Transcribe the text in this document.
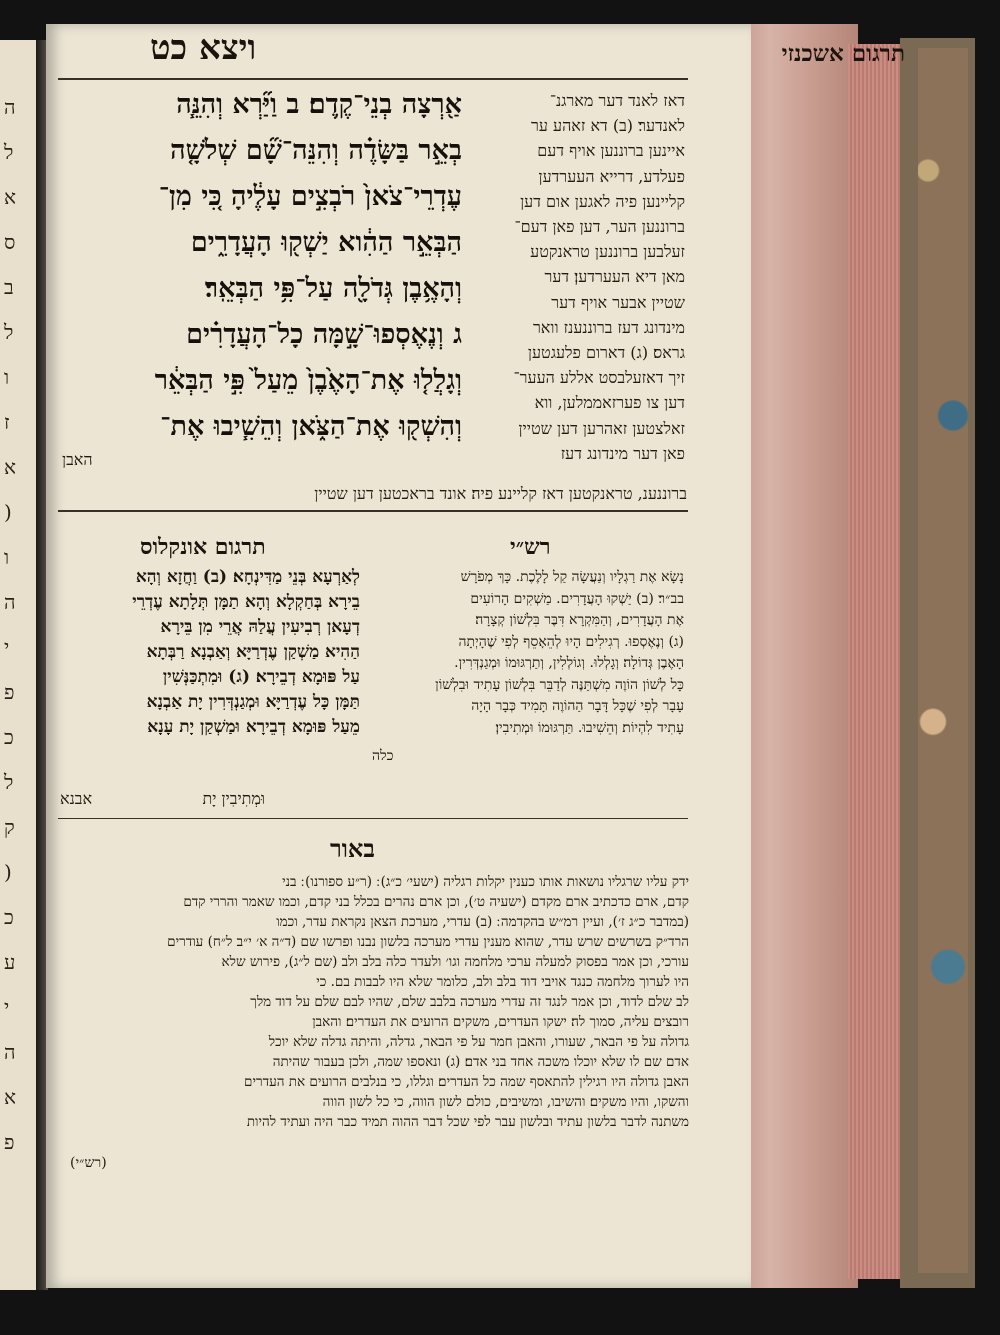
ה
ל
א
ס
ב
ל
ו
ז
א
(
ו
ה
י
פ
כ
ל
ק
(
כ
ע
י
ה
א
פ
תרגום אשכנזי
ויצא כט
דאז לאנד דער מארגנ־
לאנדער׃ (ב) דא זאהע ער
איינען ברוננען אויף דעם
פעלדע, דרייא העערדען
קליינען פיה לאגען אום דען
ברוננען הער, דען פאן דעם־
זעלבען ברוננען טראנקטע
מאן דיא העערדען׃ דער
שטיין אבער אויף דער
מינדונג דעז ברוננענז וואר
גראס׃ (ג) דארום פלעגטען
זיך דאזעלבסט אללע העער־
דען צו פערזאממלען, ווא
זאלצטען זאהרען דען שטיין
פאן דער מינדונג דעז
ברוננענ, טראנקטען דאז קליינע פיה׃ אונד בראכטען דען שטיין
אַ֖רְצָה בְנֵי־קֶֽדֶם׃ ב וַיַּ֞רְא וְהִנֵּ֧ה
בְאֵ֣ר בַּשָּׂדֶ֗ה וְהִנֵּה־שָׁ֞ם שְׁלֹשָׁ֤ה
עֶדְרֵי־צֹאן֙ רֹבְצִ֣ים עָלֶ֔יהָ כִּ֚י מִן־
הַבְּאֵ֣ר הַהִ֔וא יַשְׁק֖וּ הָעֲדָרִ֑ים
וְהָאֶ֥בֶן גְּדֹלָ֖ה עַל־פִּ֥י הַבְּאֵֽר׃
ג וְנֶאֶסְפוּ־שָׁ֣מָּה כָל־הָעֲדָרִ֗ים
וְגָלֲל֤וּ אֶת־הָאֶ֙בֶן֙ מֵעַל֙ פִּ֣י הַבְּאֵ֔ר
וְהִשְׁק֖וּ אֶת־הַצֹּ֑אן וְהֵשִׁ֧יבוּ אֶת־
האבן
רש״י
נָשָׂא אֶת רַגְלָיו וְנַעֲשָׂה קַל לָלֶכֶת. כָּךְ מְפֹרָשׁ
בב״ר׃ (ב) יַשְׁקוּ הָעֲדָרִים. מַשְׁקִים הָרוֹעִים
אֶת הָעֲדָרִים, וְהַמִּקְרָא דִּבֶּר בִּלְשׁוֹן קְצָרָה׃
(ג) וְנֶאֶסְפוּ. רְגִילִים הָיוּ לְהֵאָסֵף לְפִי שֶׁהָיְתָה
הָאֶבֶן גְּדוֹלָה׃ וְגָלְלוּ. וְגוֹלְלִין, וְתַרְגּוּמוֹ וּמְגַנְדְּרִין.
כָּל לְשׁוֹן הוֹוֶה מִשְׁתַּנֶּה לְדַבֵּר בִּלְשׁוֹן עָתִיד וּבִלְשׁוֹן
עָבָר לְפִי שֶׁכָּל דָּבָר הַהוֹוֶה תָּמִיד כְּבָר הָיָה
עָתִיד לִהְיוֹת׃ וְהֵשִׁיבוּ. תַּרְגּוּמוֹ וּמְתִיבִין׃
כלה
תרגום אונקלוס
לְאַרְעָא בְּנֵי מַדִּינְחָא׃ (ב) וַחֲזָא וְהָא
בֵירָא בְּחַקְלָא וְהָא תַמָּן תְּלָתָא עֶדְרֵי
דְעָאן רְבִיעִין עֲלַהּ אֲרֵי מִן בֵּירָא
הַהִיא מַשְׁקַן עֶדְרַיָּא וְאַבְנָא רַבְּתָא
עַל פּוּמָא דְבֵירָא׃ (ג) וּמִתְכַּנְּשִׁין
תַּמָּן כָּל עֶדְרַיָּא וּמְגַנְדְּרִין יָת אַבְנָא
מֵעַל פּוּמָא דְבֵירָא וּמַשְׁקַן יָת עָנָא
אבנא	וּמְתִיבִין יָת
באור
ידק עליו שרגליו נושאות אותו כענין יקלות רגליה (ישעי׳ כ״ג) ׃ (ר״ע ספורנו) ׃ בני
קדם, ארם כדכתיב ארם מקדם (ישעיה ט׳), וכן ארם נהרים בכלל בני קדם, וכמו שאמר והררי קדם
(במדבר כ״ג ז׳), ועיין רמ״ש בהקדמה ׃ (ב) עדרי, מערכת הצאן נקראת עדר, וכמו
הרד״ק בשרשים שרש עדר, שהוא מענין עדרי מערכה בלשון נבנו ופרשו שם (ד״ה א׳ י״ב ל״ח) עודרים
עורכי, וכן אמר בפסוק למעלה ערכי מלחמה וגו׳ ולעדר כלה בלב ולב (שם ל״ג), פירוש שלא
היו לערוך מלחמה כנגד אויבי דוד בלב ולב, כלומר שלא היו לבבות בם. כי
לב שלם לדוד, וכן אמר לנגד זה עדרי מערכה בלבב שלם, שהיו לבם שלם על דוד מלך
רובצים עליה, סמוך לה׃ ישקו העדרים, משקים הרועים את העדרים׃ והאבן
גדולה על פי הבאר, שעורו, והאבן חמר על פי הבאר, גדלה, והיתה גדלה שלא יוכל
אדם שם לו שלא יוכלו משכה אחד בני אדם׃ (ג) ונאספו שמה, ולכן בעבור שהיתה
האבן גדולה היו רגילין להתאסף שמה כל העדרים׃ וגללו, כי בנלבים הרועים את העדרים
והשקו, והיו משקים׃ והשיבו, ומשיבים, כולם לשון הווה, כי כל לשון הווה
משתנה לדבר בלשון עתיד ובלשון עבר לפי שכל דבר ההוה תמיד כבר היה ועתיד להיות
(רש״י)
